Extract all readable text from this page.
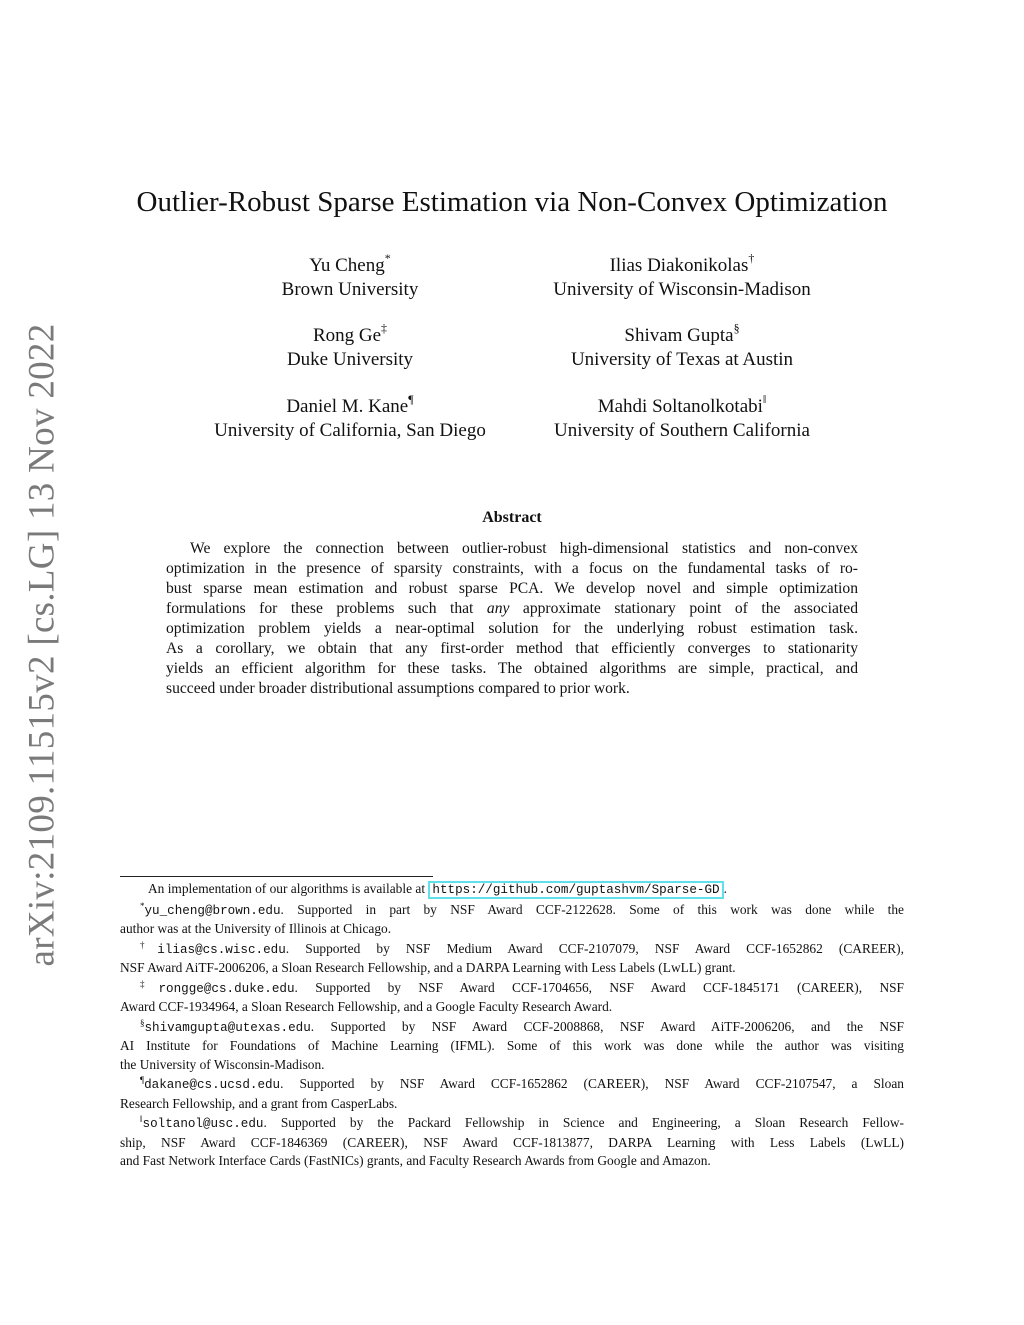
arXiv:2109.11515v2 [cs.LG] 13 Nov 2022
Outlier-Robust Sparse Estimation via Non-Convex Optimization
Yu Cheng*
Brown University
Ilias Diakonikolas†
University of Wisconsin-Madison
Rong Ge‡
Duke University
Shivam Gupta§
University of Texas at Austin
Daniel M. Kane¶
University of California, San Diego
Mahdi Soltanolkotabi‖
University of Southern California
Abstract
We explore the connection between outlier-robust high-dimensional statistics and non-convex
optimization in the presence of sparsity constraints, with a focus on the fundamental tasks of ro-
bust sparse mean estimation and robust sparse PCA. We develop novel and simple optimization
formulations for these problems such that any approximate stationary point of the associated
optimization problem yields a near-optimal solution for the underlying robust estimation task.
As a corollary, we obtain that any first-order method that efficiently converges to stationarity
yields an efficient algorithm for these tasks. The obtained algorithms are simple, practical, and
succeed under broader distributional assumptions compared to prior work.
An implementation of our algorithms is available at https://github.com/guptashvm/Sparse-GD .
*yu_cheng@brown.edu. Supported in part by NSF Award CCF-2122628. Some of this work was done while the
author was at the University of Illinois at Chicago.
†ilias@cs.wisc.edu. Supported by NSF Medium Award CCF-2107079, NSF Award CCF-1652862 (CAREER),
NSF Award AiTF-2006206, a Sloan Research Fellowship, and a DARPA Learning with Less Labels (LwLL) grant.
‡rongge@cs.duke.edu. Supported by NSF Award CCF-1704656, NSF Award CCF-1845171 (CAREER), NSF
Award CCF-1934964, a Sloan Research Fellowship, and a Google Faculty Research Award.
§shivamgupta@utexas.edu. Supported by NSF Award CCF-2008868, NSF Award AiTF-2006206, and the NSF
AI Institute for Foundations of Machine Learning (IFML). Some of this work was done while the author was visiting
the University of Wisconsin-Madison.
¶dakane@cs.ucsd.edu. Supported by NSF Award CCF-1652862 (CAREER), NSF Award CCF-2107547, a Sloan
Research Fellowship, and a grant from CasperLabs.
‖soltanol@usc.edu. Supported by the Packard Fellowship in Science and Engineering, a Sloan Research Fellow-
ship, NSF Award CCF-1846369 (CAREER), NSF Award CCF-1813877, DARPA Learning with Less Labels (LwLL)
and Fast Network Interface Cards (FastNICs) grants, and Faculty Research Awards from Google and Amazon.
